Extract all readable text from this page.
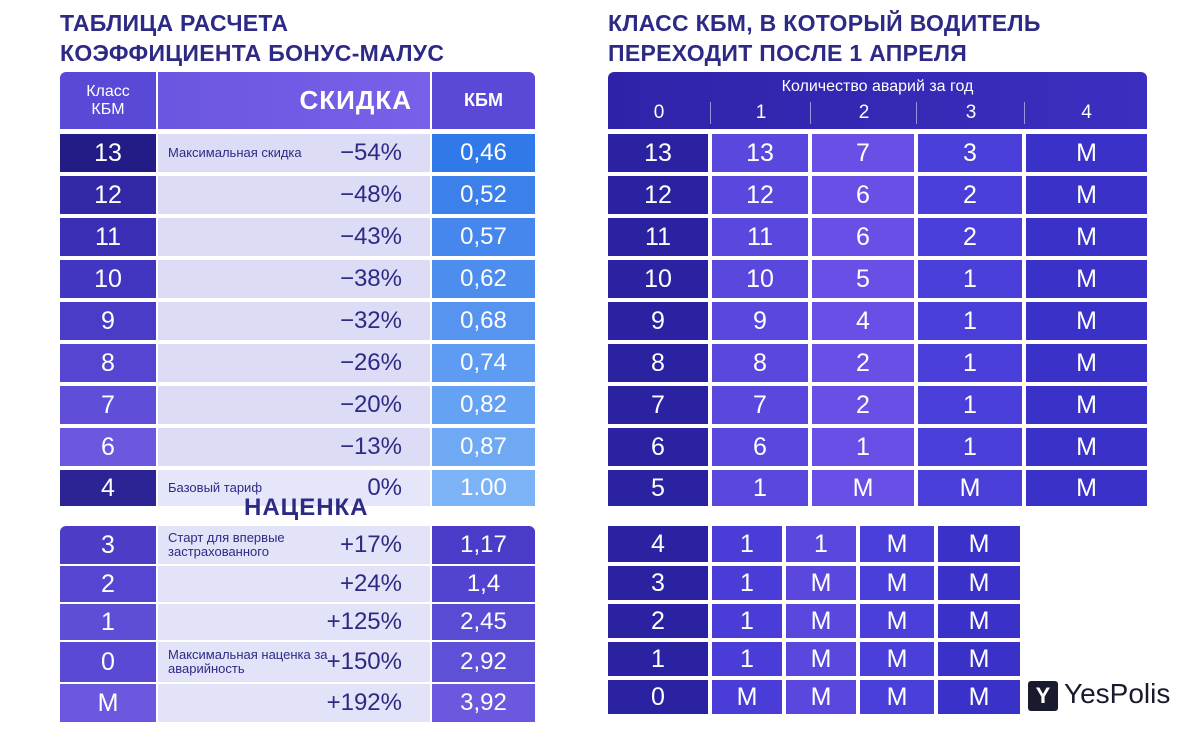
ТАБЛИЦА РАСЧЕТА
КОЭФФИЦИЕНТА БОНУС-МАЛУС
КЛАСС КБМ, В КОТОРЫЙ ВОДИТЕЛЬ
ПЕРЕХОДИТ ПОСЛЕ 1 АПРЕЛЯ
Класс
КБМ	СКИДКА	КБМ
13	Максимальная скидка −54%	0,46
12	−48%	0,52
11	−43%	0,57
10	−38%	0,62
9	−32%	0,68
8	−26%	0,74
7	−20%	0,82
6	−13%	0,87
4	Базовый тариф	0%	1.00
НАЦЕНКА
3	Старт для впервые застрахованного	+17%	1,17
2	+24%	1,4
1	+125%	2,45
0	Максимальная наценка за аварийность	+150%	2,92
М	+192%	3,92
Количество аварий за год
0	1	2	3	4
13	13	7	3	М
12	12	6	2	М
11	11	6	2	М
10	10	5	1	М
9	9	4	1	М
8	8	2	1	М
7	7	2	1	М
6	6	1	1	М
5	1	М	М	М
4	1	1	М	М
3	1	М	М	М
2	1	М	М	М
1	1	М	М	М
0	М	М	М	М	Y YesPolis
